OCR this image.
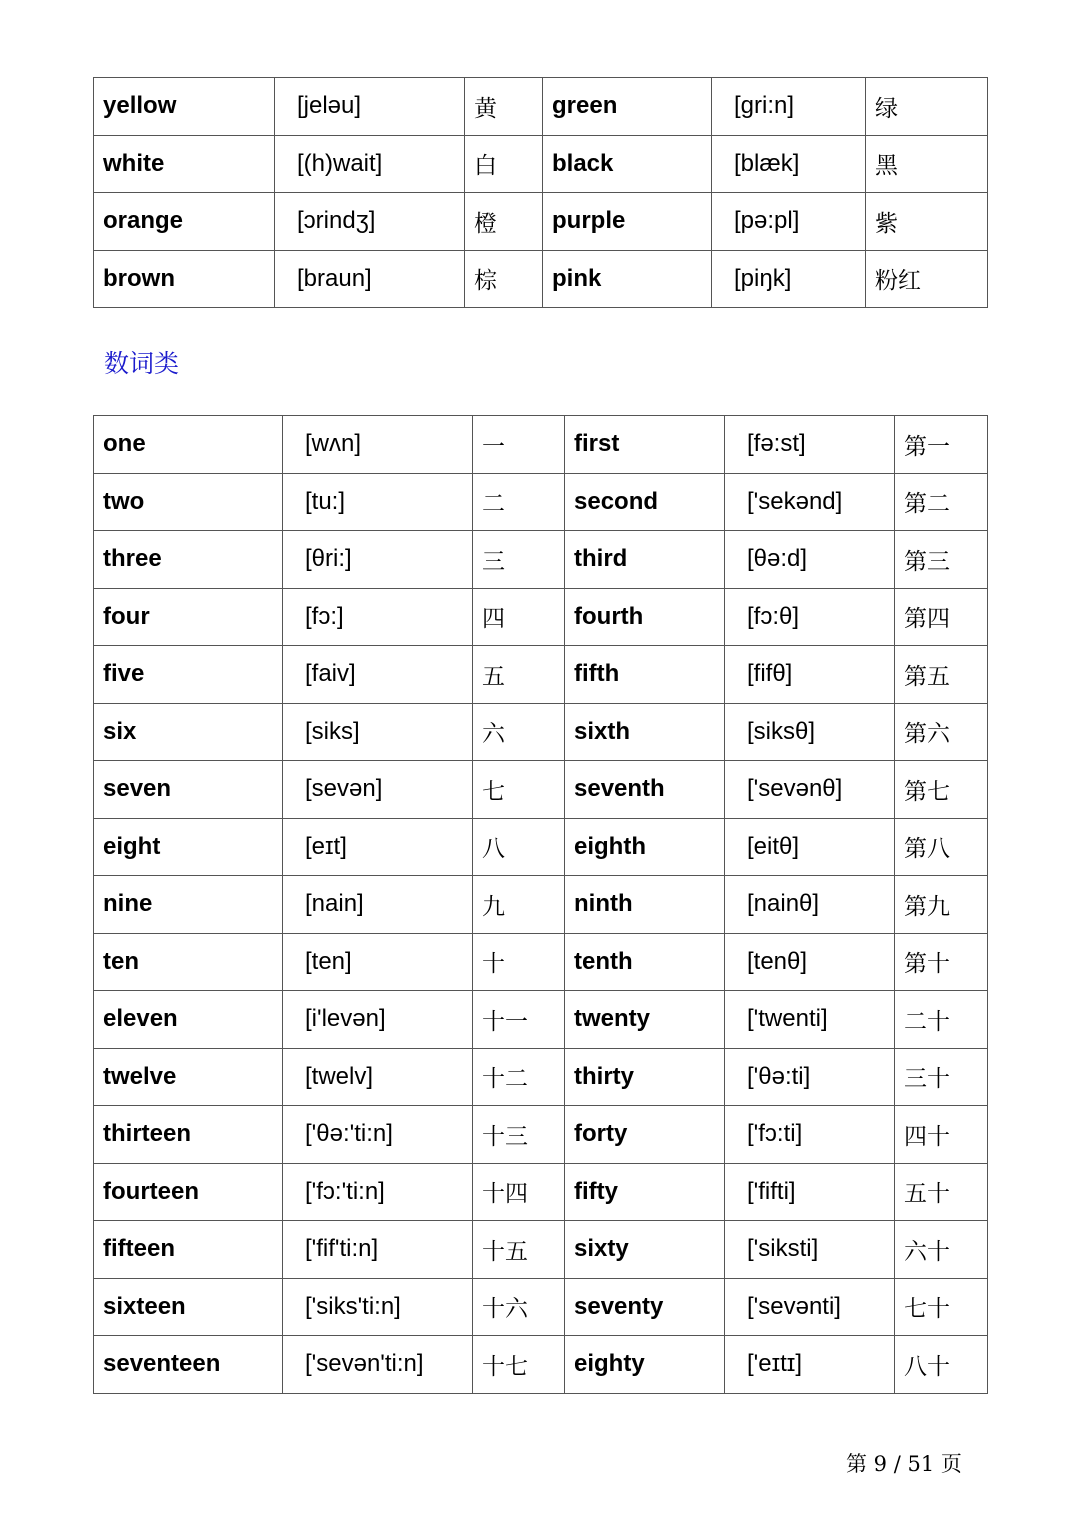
yellow	[jeləu]	黄	green	[gri:n]	绿
white	[(h)wait]	白	black	[blæk]	黑
orange	[ɔrindʒ]	橙	purple	[pə:pl]	紫
brown	[braun]	棕	pink	[piŋk]	粉红
数词类
one	[wʌn]	一	first	[fə:st]	第一
two	[tu:]	二	second	['sekənd]	第二
three	[θri:]	三	third	[θə:d]	第三
four	[fɔ:]	四	fourth	[fɔ:θ]	第四
five	[faiv]	五	fifth	[fifθ]	第五
six	[siks]	六	sixth	[siksθ]	第六
seven	[sevən]	七	seventh	['sevənθ]	第七
eight	[eɪt]	八	eighth	[eitθ]	第八
nine	[nain]	九	ninth	[nainθ]	第九
ten	[ten]	十	tenth	[tenθ]	第十
eleven	[i'levən]	十一	twenty	['twenti]	二十
twelve	[twelv]	十二	thirty	['θə:ti]	三十
thirteen	['θə:'ti:n]	十三	forty	['fɔ:ti]	四十
fourteen	['fɔ:'ti:n]	十四	fifty	['fifti]	五十
fifteen	['fif'ti:n]	十五	sixty	['siksti]	六十
sixteen	['siks'ti:n]	十六	seventy	['sevənti]	七十
seventeen	['sevən'ti:n]	十七	eighty	['eɪtɪ]	八十
第 9 / 51 页
